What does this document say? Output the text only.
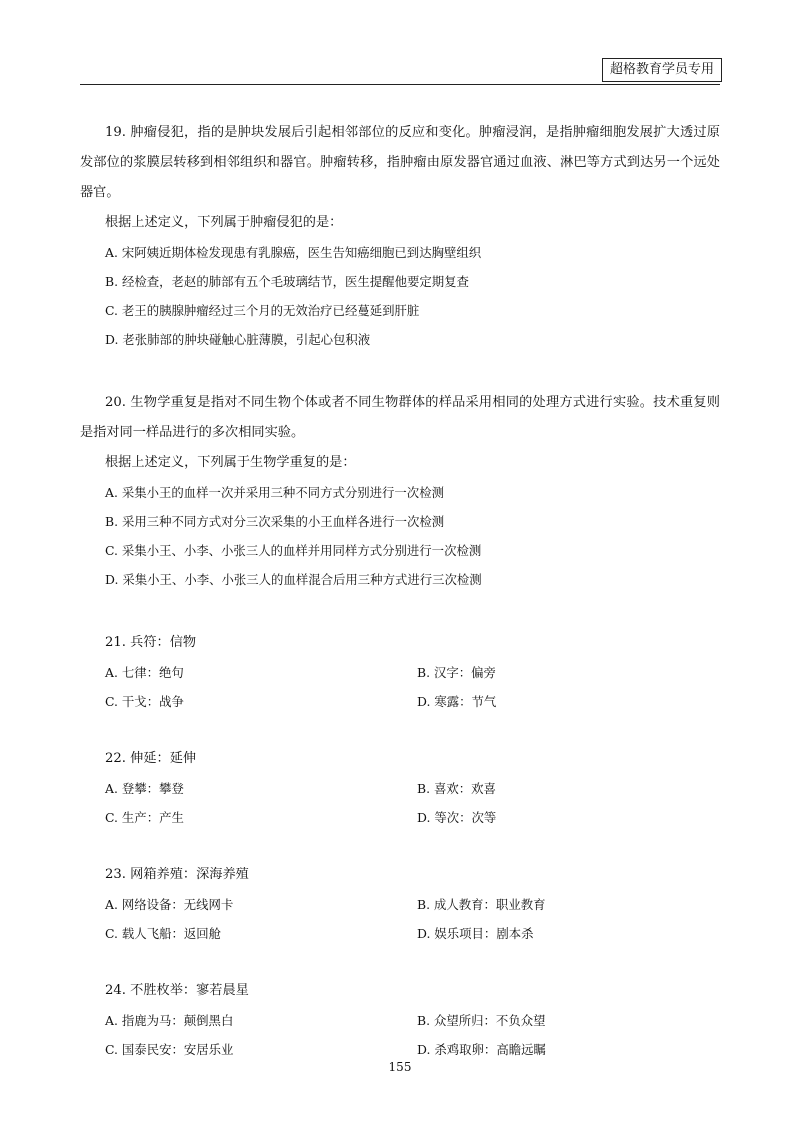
超格教育学员专用

19. 肿瘤侵犯，指的是肿块发展后引起相邻部位的反应和变化。肿瘤浸润，是指肿瘤细胞发展扩大透过原发部位的浆膜层转移到相邻组织和器官。肿瘤转移，指肿瘤由原发器官通过血液、淋巴等方式到达另一个远处器官。

根据上述定义，下列属于肿瘤侵犯的是：

A. 宋阿姨近期体检发现患有乳腺癌，医生告知癌细胞已到达胸壁组织

B. 经检查，老赵的肺部有五个毛玻璃结节，医生提醒他要定期复查

C. 老王的胰腺肿瘤经过三个月的无效治疗已经蔓延到肝脏

D. 老张肺部的肿块碰触心脏薄膜，引起心包积液

20. 生物学重复是指对不同生物个体或者不同生物群体的样品采用相同的处理方式进行实验。技术重复则是指对同一样品进行的多次相同实验。

根据上述定义，下列属于生物学重复的是：

A. 采集小王的血样一次并采用三种不同方式分别进行一次检测

B. 采用三种不同方式对分三次采集的小王血样各进行一次检测

C. 采集小王、小李、小张三人的血样并用同样方式分别进行一次检测

D. 采集小王、小李、小张三人的血样混合后用三种方式进行三次检测

21. 兵符：信物

A. 七律：绝句	B. 汉字：偏旁
C. 干戈：战争	D. 寒露：节气

22. 伸延：延伸

A. 登攀：攀登	B. 喜欢：欢喜
C. 生产：产生	D. 等次：次等

23. 网箱养殖：深海养殖

A. 网络设备：无线网卡	B. 成人教育：职业教育
C. 载人飞船：返回舱	D. 娱乐项目：剧本杀

24. 不胜枚举：寥若晨星

A. 指鹿为马：颠倒黑白	B. 众望所归：不负众望
C. 国泰民安：安居乐业	D. 杀鸡取卵：高瞻远瞩
155
